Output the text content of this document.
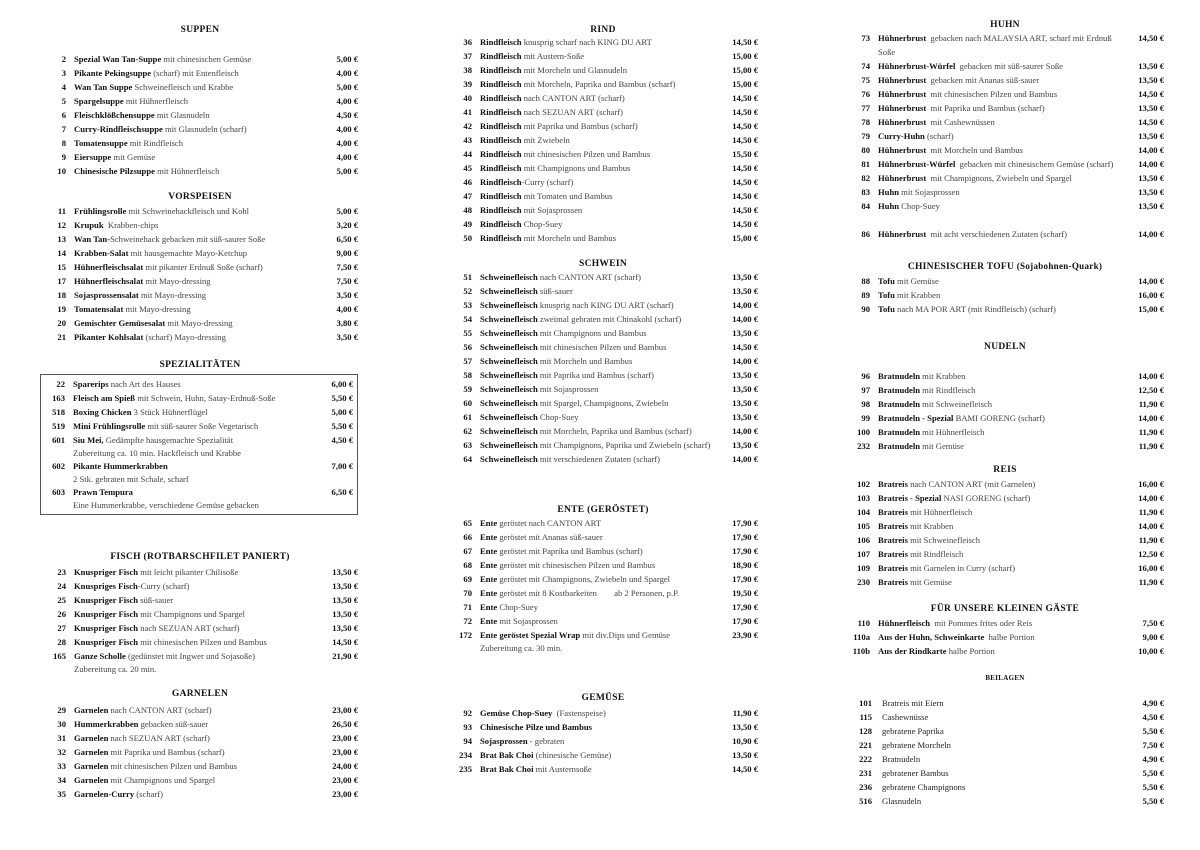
SUPPEN
2 Spezial Wan Tan-Suppe mit chinesischen Gemüse	5,00 €
3 Pikante Pekingsuppe (scharf) mit Entenfleisch	4,00 €
4 Wan Tan Suppe Schweinefleisch und Krabbe	5,00 €
5 Spargelsuppe mit Hühnerfleisch	4,00 €
6 Fleischklößchensuppe mit Glasnudeln	4,50 €
7 Curry-Rindfleischsuppe mit Glasnudeln (scharf)	4,00 €
8 Tomatensuppe mit Rindfleisch	4,00 €
9 Eiersuppe mit Gemüse	4,00 €
10 Chinesische Pilzsuppe mit Hühnerfleisch	5,00 €
VORSPEISEN
11 Frühlingsrolle mit Schweinehackfleisch und Kohl	5,00 €
12 Krupuk  Krabben-chips	3,20 €
13 Wan Tan-Schweinehack gebacken mit süß-saurer Soße	6,50 €
14 Krabben-Salat mit hausgemachte Mayo-Ketchup	9,00 €
15 Hühnerfleischsalat mit pikanter Erdnuß Soße (scharf)	7,50 €
17 Hühnerfleischsalat mit Mayo-dressing	7,50 €
18 Sojasprossensalat mit Mayo-dressing	3,50 €
19 Tomatensalat mit Mayo-dressing	4,00 €
20 Gemischter Gemüsesalat mit Mayo-dressing	3,80 €
21 Pikanter Kohlsalat (scharf) Mayo-dressing	3,50 €
SPEZIALITÄTEN
22 Sparerips nach Art des Hauses	6,00 €
163 Fleisch am Spieß mit Schwein, Huhn, Satay-Erdnuß-Soße	5,50 €
518 Boxing Chicken 3 Stück Hühnerflügel	5,00 €
519 Mini Frühlingsrolle mit süß-saurer Soße Vegetarisch	5,50 €
601 Siu Mei, Gedämpfte hausgemachte Spezialität
Zubereitung ca. 10 min. Hackfleisch und Krabbe
4,50 €
602 Pikante Hummerkrabben
2 Stk. gebraten mit Schale, scharf
7,00 €
603 Prawn Tempura
Eine Hummerkrabbe, verschiedene Gemüse gebacken
6,50 €
FISCH (ROTBARSCHFILET PANIERT)
23 Knuspriger Fisch mit leicht pikanter Chilisoße	13,50 €
24 Knuspriges Fisch-Curry (scharf)	13,50 €
25 Knuspriger Fisch süß-sauer	13,50 €
26 Knuspriger Fisch mit Champignons und Spargel	13,50 €
27 Knuspriger Fisch nach SEZUAN ART (scharf)	13,50 €
28 Knuspriger Fisch mit chinesischen Pilzen und Bambus	14,50 €
165 Ganze Scholle (gedünstet mit Ingwer und Sojasoße)
Zubereitung ca. 20 min.
21,90 €
GARNELEN
29 Garnelen nach CANTON ART (scharf)	23,00 €
30 Hummerkrabben gebacken süß-sauer	26,50 €
31 Garnelen nach SEZUAN ART (scharf)	23,00 €
32 Garnelen mit Paprika und Bambus (scharf)	23,00 €
33 Garnelen mit chinesischen Pilzen und Bambus	24,00 €
34 Garnelen mit Champignons und Spargel	23,00 €
35 Garnelen-Curry (scharf)	23,00 €
RIND
36 Rindfleisch knusprig scharf nach KING DU ART	14,50 €
37 Rindfleisch mit Austern-Soße	15,00 €
38 Rindfleisch mit Morcheln und Glasnudeln	15,00 €
39 Rindfleisch mit Morcheln, Paprika und Bambus (scharf)	15,00 €
40 Rindfleisch nach CANTON ART (scharf)	14,50 €
41 Rindfleisch nach SEZUAN ART (scharf)	14,50 €
42 Rindfleisch mit Paprika und Bambus (scharf)	14,50 €
43 Rindfleisch mit Zwiebeln	14,50 €
44 Rindfleisch mit chinesischen Pilzen und Bambus	15,50 €
45 Rindfleisch mit Champignons und Bambus	14,50 €
46 Rindfleisch-Curry (scharf)	14,50 €
47 Rindfleisch mit Tomaten und Bambus	14,50 €
48 Rindfleisch mit Sojasprossen	14,50 €
49 Rindfleisch Chop-Suey	14,50 €
50 Rindfleisch mit Morcheln und Bambus	15,00 €
SCHWEIN
51 Schweinefleisch nach CANTON ART (scharf)	13,50 €
52 Schweinefleisch süß-sauer	13,50 €
53 Schweinefleisch knusprig nach KING DU ART (scharf)	14,00 €
54 Schweinefleisch zweimal gebraten mit Chinakohl (scharf)	14,00 €
55 Schweinefleisch mit Champignons und Bambus	13,50 €
56 Schweinefleisch mit chinesischen Pilzen und Bambus	14,50 €
57 Schweinefleisch mit Morcheln und Bambus	14,00 €
58 Schweinefleisch mit Paprika und Bambus (scharf)	13,50 €
59 Schweinefleisch mit Sojasprossen	13,50 €
60 Schweinefleisch mit Spargel, Champignons, Zwiebeln	13,50 €
61 Schweinefleisch Chop-Suey	13,50 €
62 Schweinefleisch mit Morcheln, Paprika und Bambus (scharf)	14,00 €
63 Schweinefleisch mit Champignons, Paprika und Zwiebeln (scharf)	13,50 €
64 Schweinefleisch mit verschiedenen Zutaten (scharf)	14,00 €
ENTE (GERÖSTET)
65 Ente geröstet nach CANTON ART	17,90 €
66 Ente geröstet mit Ananas süß-sauer	17,90 €
67 Ente geröstet mit Paprika und Bambus (scharf)	17,90 €
68 Ente geröstet mit chinesischen Pilzen und Bambus	18,90 €
69 Ente geröstet mit Champignons, Zwiebeln und Spargel	17,90 €
70 Ente geröstet mit 8 Kostbarkeiten        ab 2 Personen, p.P.	19,50 €
71 Ente Chop-Suey	17,90 €
72 Ente mit Sojasprossen	17,90 €
172 Ente geröstet Spezial Wrap mit div.Dips und Gemüse
Zubereitung ca. 30 min.
23,90 €
GEMÜSE
92 Gemüse Chop-Suey  (Fastenspeise)	11,90 €
93 Chinesische Pilze und Bambus	13,50 €
94 Sojasprossen - gebraten	10,90 €
234 Brat Bak Choi (chinesische Gemüse)	13,50 €
235 Brat Bak Choi mit Austernsoße	14,50 €
HUHN
73 Hühnerbrust  gebacken nach MALAYSIA ART, scharf mit Erdnuß Soße
14,50 €
74 Hühnerbrust-Würfel  gebacken mit süß-saurer Soße	13,50 €
75 Hühnerbrust  gebacken mit Ananas süß-sauer	13,50 €
76 Hühnerbrust  mit chinesischen Pilzen und Bambus	14,50 €
77 Hühnerbrust  mit Paprika und Bambus (scharf)	13,50 €
78 Hühnerbrust  mit Cashewnüssen	14,50 €
79 Curry-Huhn (scharf)	13,50 €
80 Hühnerbrust  mit Morcheln und Bambus	14,00 €
81 Hühnerbrust-Würfel  gebacken mit chinesischem Gemüse (scharf)	14,00 €
82 Hühnerbrust  mit Champignons, Zwiebeln und Spargel	13,50 €
83 Huhn mit Sojasprossen	13,50 €
84 Huhn Chop-Suey	13,50 €
86 Hühnerbrust  mit acht verschiedenen Zutaten (scharf)	14,00 €
CHINESISCHER TOFU (Sojabohnen-Quark)
88 Tofu mit Gemüse	14,00 €
89 Tofu mit Krabben	16,00 €
90 Tofu nach MA POR ART (mit Rindfleisch) (scharf)	15,00 €
NUDELN
96 Bratnudeln mit Krabben	14,00 €
97 Bratnudeln mit Rindfleisch	12,50 €
98 Bratnudeln mit Schweinefleisch	11,90 €
99 Bratnudeln - Spezial BAMI GORENG (scharf)	14,00 €
100 Bratnudeln mit Hühnerfleisch	11,90 €
232 Bratnudeln mit Gemüse	11,90 €
REIS
102 Bratreis nach CANTON ART (mit Garnelen)	16,00 €
103 Bratreis - Spezial NASI GORENG (scharf)	14,00 €
104 Bratreis mit Hühnerfleisch	11,90 €
105 Bratreis mit Krabben	14,00 €
106 Bratreis mit Schweinefleisch	11,90 €
107 Bratreis mit Rindfleisch	12,50 €
109 Bratreis mit Garnelen in Curry (scharf)	16,00 €
230 Bratreis mit Gemüse	11,90 €
FÜR UNSERE KLEINEN GÄSTE
110 Hühnerfleisch  mit Pommes frites oder Reis	7,50 €
110a Aus der Huhn, Schweinkarte  halbe Portion	9,00 €
110b Aus der Rindkarte halbe Portion	10,00 €
BEILAGEN
101	Bratreis mit Eiern	4,90 €
115	Cashewnüsse	4,50 €
128	gebratene Paprika	5,50 €
221	gebratene Morcheln	7,50 €
222	Bratnudeln	4,90 €
231	gebratener Bambus	5,50 €
236	gebratene Champignons	5,50 €
516	Glasnudeln	5,50 €
